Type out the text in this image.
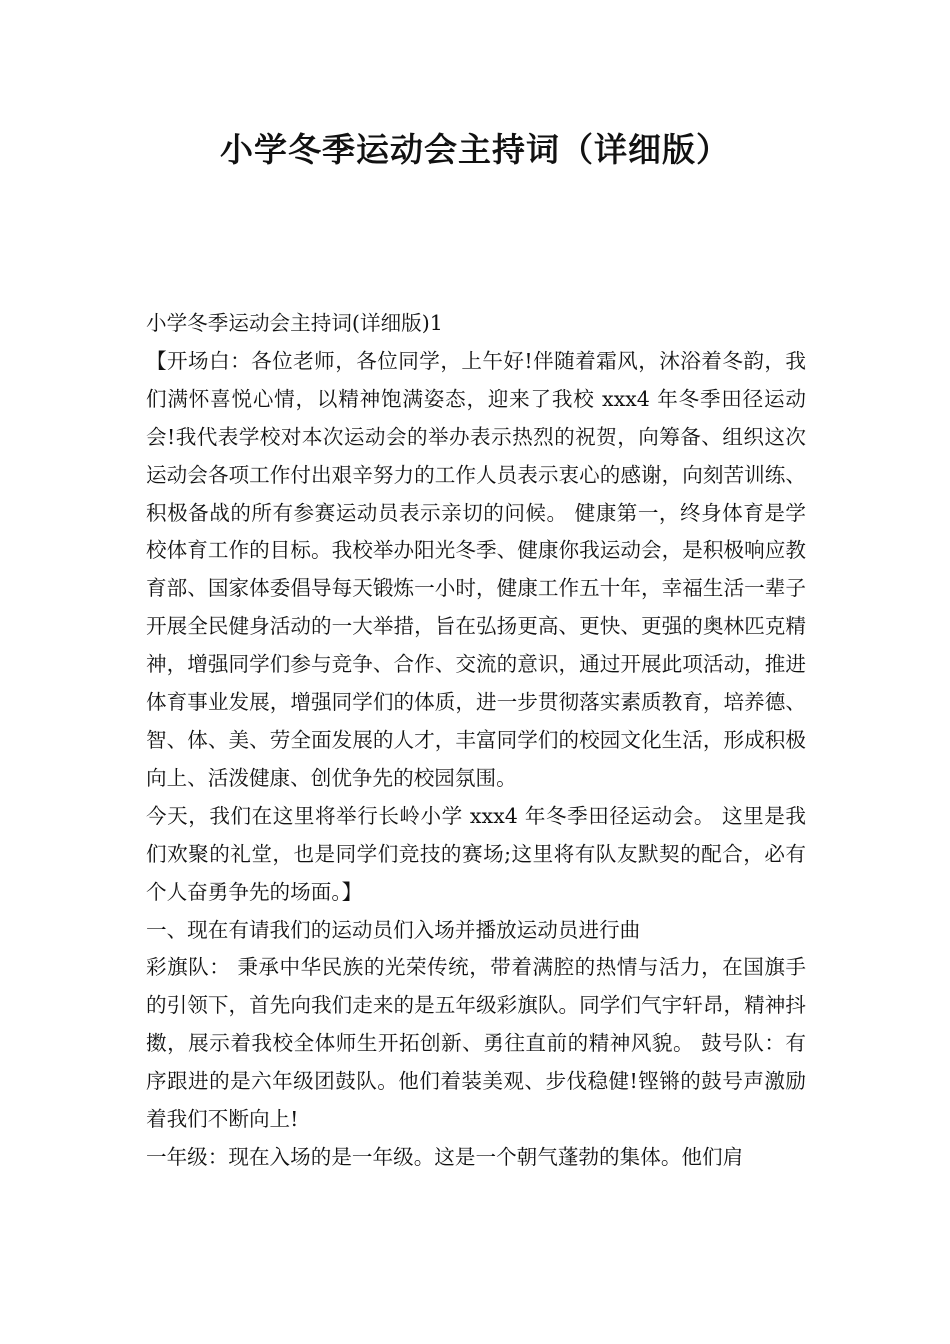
小学冬季运动会主持词（详细版）

小学冬季运动会主持词(详细版)1

【开场白：各位老师，各位同学，上午好!伴随着霜风，沐浴着冬韵，我们满怀喜悦心情，以精神饱满姿态，迎来了我校 xxx4 年冬季田径运动会!我代表学校对本次运动会的举办表示热烈的祝贺，向筹备、组织这次运动会各项工作付出艰辛努力的工作人员表示衷心的感谢，向刻苦训练、积极备战的所有参赛运动员表示亲切的问候。 健康第一，终身体育是学校体育工作的目标。我校举办阳光冬季、健康你我运动会，是积极响应教育部、国家体委倡导每天锻炼一小时，健康工作五十年，幸福生活一辈子开展全民健身活动的一大举措，旨在弘扬更高、更快、更强的奥林匹克精神，增强同学们参与竞争、合作、交流的意识，通过开展此项活动，推进体育事业发展，增强同学们的体质，进一步贯彻落实素质教育，培养德、智、体、美、劳全面发展的人才，丰富同学们的校园文化生活，形成积极向上、活泼健康、创优争先的校园氛围。

今天，我们在这里将举行长岭小学 xxx4 年冬季田径运动会。 这里是我们欢聚的礼堂，也是同学们竞技的赛场;这里将有队友默契的配合，必有个人奋勇争先的场面。】

一、现在有请我们的运动员们入场并播放运动员进行曲

彩旗队： 秉承中华民族的光荣传统，带着满腔的热情与活力，在国旗手的引领下，首先向我们走来的是五年级彩旗队。同学们气宇轩昂，精神抖擞，展示着我校全体师生开拓创新、勇往直前的精神风貌。 鼓号队：有序跟进的是六年级团鼓队。他们着装美观、步伐稳健!铿锵的鼓号声激励着我们不断向上!

一年级：现在入场的是一年级。这是一个朝气蓬勃的集体。他们肩
